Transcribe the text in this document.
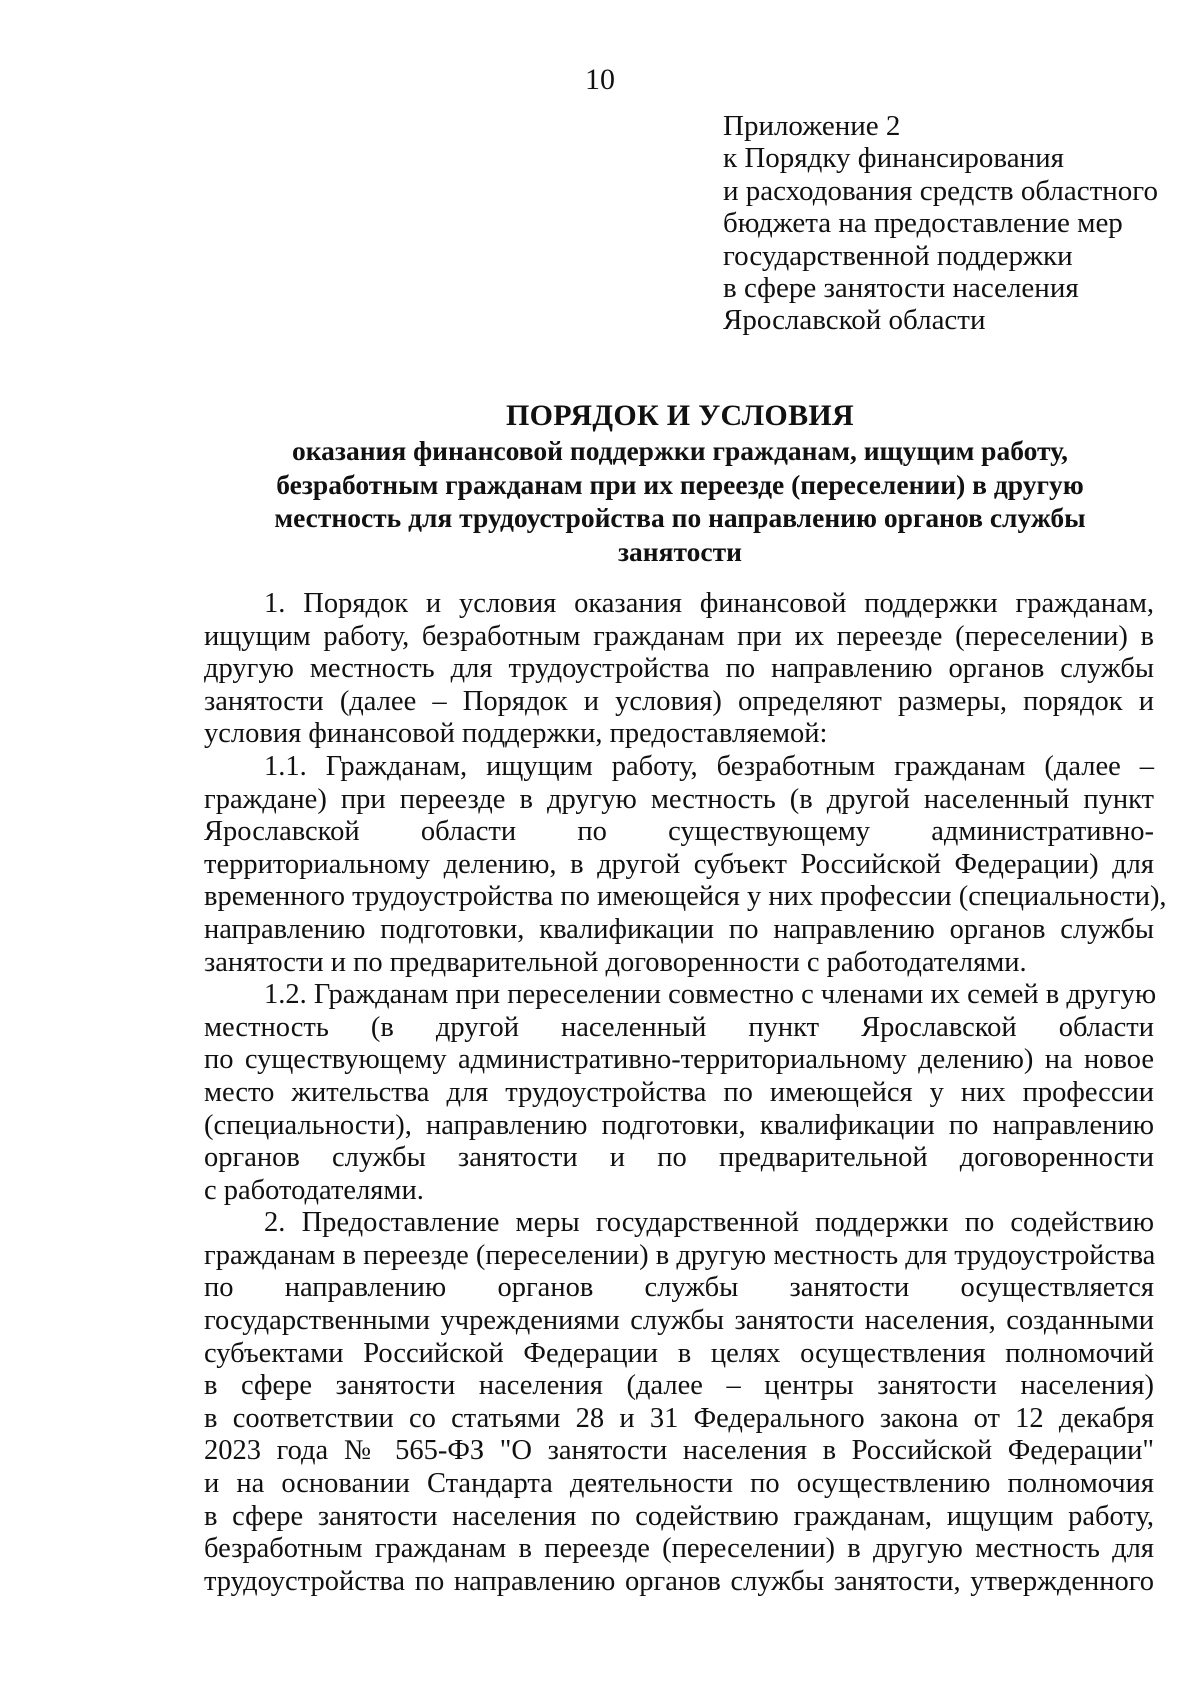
10
Приложение 2
к Порядку финансирования
и расходования средств областного
бюджета на предоставление мер
государственной поддержки
в сфере занятости населения
Ярославской области
ПОРЯДОК И УСЛОВИЯ
оказания финансовой поддержки гражданам, ищущим работу,
безработным гражданам при их переезде (переселении) в другую
местность для трудоустройства по направлению органов службы
занятости
1. Порядок и условия оказания финансовой поддержки гражданам,
ищущим работу, безработным гражданам при их переезде (переселении) в
другую местность для трудоустройства по направлению органов службы
занятости (далее – Порядок и условия) определяют размеры, порядок и
условия финансовой поддержки, предоставляемой:
1.1. Гражданам, ищущим работу, безработным гражданам (далее –
граждане) при переезде в другую местность (в другой населенный пункт
Ярославской области по существующему административно-
территориальному делению, в другой субъект Российской Федерации) для
временного трудоустройства по имеющейся у них профессии (специальности),
направлению подготовки, квалификации по направлению органов службы
занятости и по предварительной договоренности с работодателями.
1.2. Гражданам при переселении совместно с членами их семей в другую
местность (в другой населенный пункт Ярославской области
по существующему административно-территориальному делению) на новое
место жительства для трудоустройства по имеющейся у них профессии
(специальности), направлению подготовки, квалификации по направлению
органов службы занятости и по предварительной договоренности
с работодателями.
2. Предоставление меры государственной поддержки по содействию
гражданам в переезде (переселении) в другую местность для трудоустройства
по направлению органов службы занятости осуществляется
государственными учреждениями службы занятости населения, созданными
субъектами Российской Федерации в целях осуществления полномочий
в сфере занятости населения (далее – центры занятости населения)
в соответствии со статьями 28 и 31 Федерального закона от 12 декабря
2023 года № 565-ФЗ "О занятости населения в Российской Федерации"
и на основании Стандарта деятельности по осуществлению полномочия
в сфере занятости населения по содействию гражданам, ищущим работу,
безработным гражданам в переезде (переселении) в другую местность для
трудоустройства по направлению органов службы занятости, утвержденного
